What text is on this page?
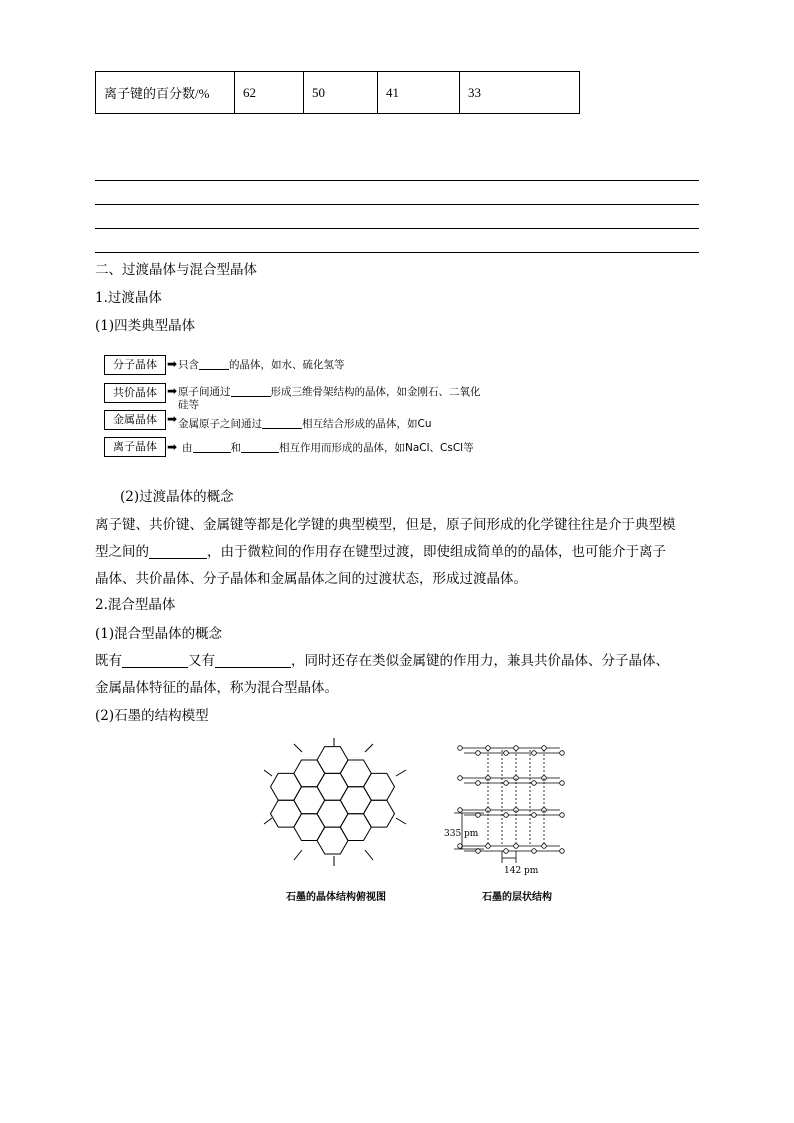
离子键的百分数/%	62	50	41	33
二、过渡晶体与混合型晶体
1.过渡晶体
(1)四类典型晶体
分子晶体 ➡ 只含	的晶体，如水、硫化氢等
共价晶体 ➡ 原子间通过	形成三维骨架结构的晶体，如金刚石、二氧化
硅等
金属晶体 ➡ 金属原子之间通过	相互结合形成的晶体，如Cu
离子晶体 ➡ 由	和	相互作用而形成的晶体，如NaCl、CsCl等
(2)过渡晶体的概念
离子键、共价键、金属键等都是化学键的典型模型，但是，原子间形成的化学键往往是介于典型模
型之间的	，由于微粒间的作用存在键型过渡，即使组成简单的的晶体，也可能介于离子
晶体、共价晶体、分子晶体和金属晶体之间的过渡状态，形成过渡晶体。
2.混合型晶体
(1)混合型晶体的概念
既有	又有	，同时还存在类似金属键的作用力，兼具共价晶体、分子晶体、
金属晶体特征的晶体，称为混合型晶体。
(2)石墨的结构模型
石墨的晶体结构俯视图
335 pm
142 pm
石墨的层状结构
